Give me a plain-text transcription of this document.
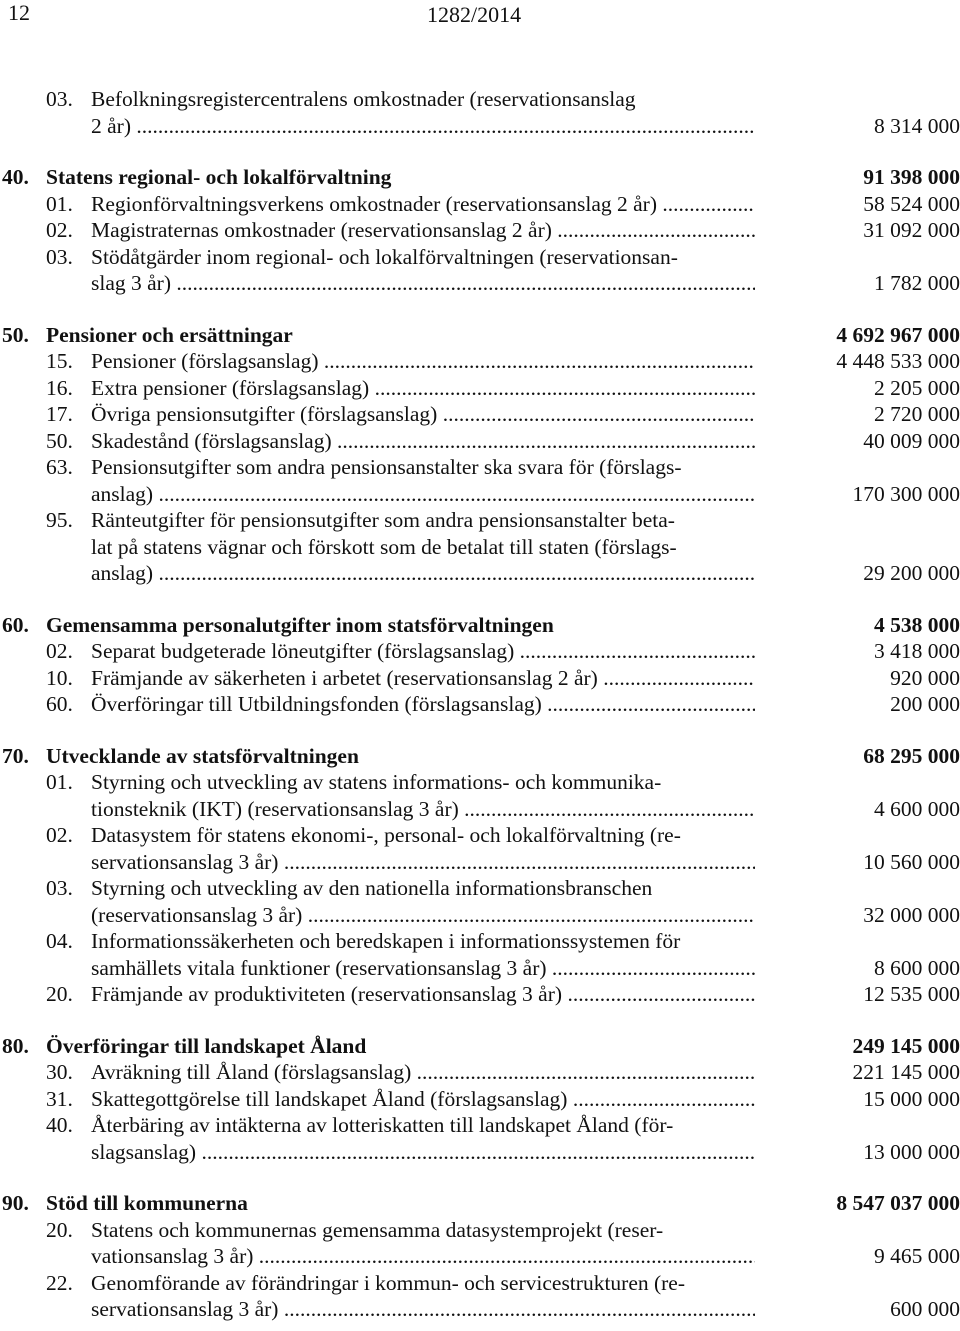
12	1282/2014
03. Befolkningsregistercentralens omkostnader (reservationsanslag
2 år) .....	8 314 000
40. Statens regional- och lokalförvaltning	91 398 000
01. Regionförvaltningsverkens omkostnader (reservationsanslag 2 år) .....	58 524 000
02. Magistraternas omkostnader (reservationsanslag 2 år) .....	31 092 000
03. Stödåtgärder inom regional- och lokalförvaltningen (reservationsan-
slag 3 år) .....	1 782 000
50. Pensioner och ersättningar	4 692 967 000
15. Pensioner (förslagsanslag) .....	4 448 533 000
16. Extra pensioner (förslagsanslag) .....	2 205 000
17. Övriga pensionsutgifter (förslagsanslag) .....	2 720 000
50. Skadestånd (förslagsanslag) .....	40 009 000
63. Pensionsutgifter som andra pensionsanstalter ska svara för (förslags-
anslag) .....	170 300 000
95. Ränteutgifter för pensionsutgifter som andra pensionsanstalter beta-
lat på statens vägnar och förskott som de betalat till staten (förslags-
anslag) .....	29 200 000
60. Gemensamma personalutgifter inom statsförvaltningen	4 538 000
02. Separat budgeterade löneutgifter (förslagsanslag) .....	3 418 000
10. Främjande av säkerheten i arbetet (reservationsanslag 2 år) .....	920 000
60. Överföringar till Utbildningsfonden (förslagsanslag) .....	200 000
70. Utvecklande av statsförvaltningen	68 295 000
01. Styrning och utveckling av statens informations- och kommunika-
tionsteknik (IKT) (reservationsanslag 3 år) .....	4 600 000
02. Datasystem för statens ekonomi-, personal- och lokalförvaltning (re-
servationsanslag 3 år) .....	10 560 000
03. Styrning och utveckling av den nationella informationsbranschen
(reservationsanslag 3 år) .....	32 000 000
04. Informationssäkerheten och beredskapen i informationssystemen för
samhällets vitala funktioner (reservationsanslag 3 år) .....	8 600 000
20. Främjande av produktiviteten (reservationsanslag 3 år) .....	12 535 000
80. Överföringar till landskapet Åland	249 145 000
30. Avräkning till Åland (förslagsanslag) .....	221 145 000
31. Skattegottgörelse till landskapet Åland (förslagsanslag) .....	15 000 000
40. Återbäring av intäkterna av lotteriskatten till landskapet Åland (för-
slagsanslag) .....	13 000 000
90. Stöd till kommunerna	8 547 037 000
20. Statens och kommunernas gemensamma datasystemprojekt (reser-
vationsanslag 3 år) .....	9 465 000
22. Genomförande av förändringar i kommun- och servicestrukturen (re-
servationsanslag 3 år) .....	600 000
